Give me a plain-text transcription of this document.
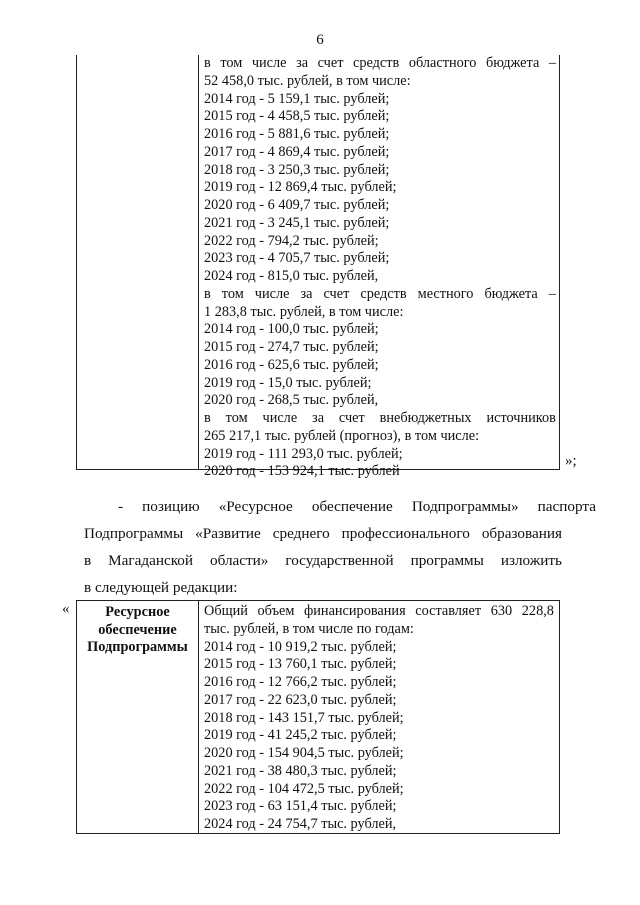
6
в том числе за счет средств областного бюджета –
52 458,0 тыс. рублей, в том числе:
2014 год - 5 159,1 тыс. рублей;
2015 год - 4 458,5 тыс. рублей;
2016 год - 5 881,6 тыс. рублей;
2017 год - 4 869,4 тыс. рублей;
2018 год - 3 250,3 тыс. рублей;
2019 год - 12 869,4 тыс. рублей;
2020 год - 6 409,7 тыс. рублей;
2021 год - 3 245,1 тыс. рублей;
2022 год - 794,2 тыс. рублей;
2023 год - 4 705,7 тыс. рублей;
2024 год - 815,0 тыс. рублей,
в том числе за счет средств местного бюджета –
1 283,8 тыс. рублей, в том числе:
2014 год - 100,0 тыс. рублей;
2015 год - 274,7 тыс. рублей;
2016 год - 625,6 тыс. рублей;
2019 год - 15,0 тыс. рублей;
2020 год - 268,5 тыс. рублей,
в том числе за счет внебюджетных источников
265 217,1 тыс. рублей (прогноз), в том числе:
2019 год - 111 293,0 тыс. рублей;
2020 год - 153 924,1 тыс. рублей
»;
- позицию «Ресурсное обеспечение Подпрограммы» паспорта
Подпрограммы «Развитие среднего профессионального образования
в Магаданской области» государственной программы изложить
в следующей редакции:
«	Ресурсное
обеспечение
Подпрограммы
Общий объем финансирования составляет 630 228,8
тыс. рублей, в том числе по годам:
2014 год - 10 919,2 тыс. рублей;
2015 год - 13 760,1 тыс. рублей;
2016 год - 12 766,2 тыс. рублей;
2017 год - 22 623,0 тыс. рублей;
2018 год - 143 151,7 тыс. рублей;
2019 год - 41 245,2 тыс. рублей;
2020 год - 154 904,5 тыс. рублей;
2021 год - 38 480,3 тыс. рублей;
2022 год - 104 472,5 тыс. рублей;
2023 год - 63 151,4 тыс. рублей;
2024 год - 24 754,7 тыс. рублей,
